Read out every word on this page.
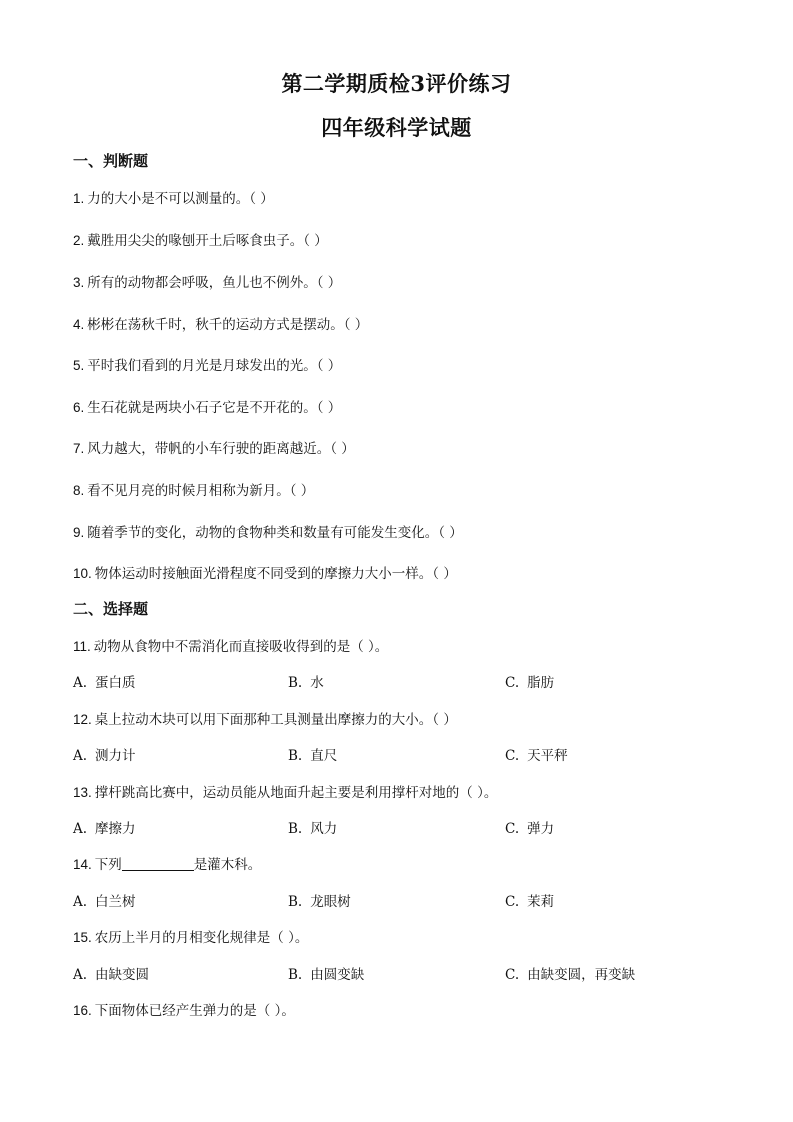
第二学期质检3评价练习
四年级科学试题
一、判断题
1. 力的大小是不可以测量的。（ ）
2. 戴胜用尖尖的喙刨开土后啄食虫子。（ ）
3. 所有的动物都会呼吸，鱼儿也不例外。（ ）
4. 彬彬在荡秋千时，秋千的运动方式是摆动。（ ）
5. 平时我们看到的月光是月球发出的光。（ ）
6. 生石花就是两块小石子它是不开花的。（ ）
7. 风力越大，带帆的小车行驶的距离越近。（ ）
8. 看不见月亮的时候月相称为新月。（ ）
9. 随着季节的变化，动物的食物种类和数量有可能发生变化。（ ）
10. 物体运动时接触面光滑程度不同受到的摩擦力大小一样。（ ）
二、选择题
11. 动物从食物中不需消化而直接吸收得到的是（ ）。
A. 蛋白质	B. 水	C. 脂肪
12. 桌上拉动木块可以用下面那种工具测量出摩擦力的大小。（ ）
A. 测力计	B. 直尺	C. 天平秤
13. 撑杆跳高比赛中，运动员能从地面升起主要是利用撑杆对地的（ ）。
A. 摩擦力	B. 风力	C. 弹力
14. 下列	是灌木科。
A. 白兰树	B. 龙眼树	C. 茉莉
15. 农历上半月的月相变化规律是（ ）。
A. 由缺变圆	B. 由圆变缺	C. 由缺变圆，再变缺
16. 下面物体已经产生弹力的是（ ）。
